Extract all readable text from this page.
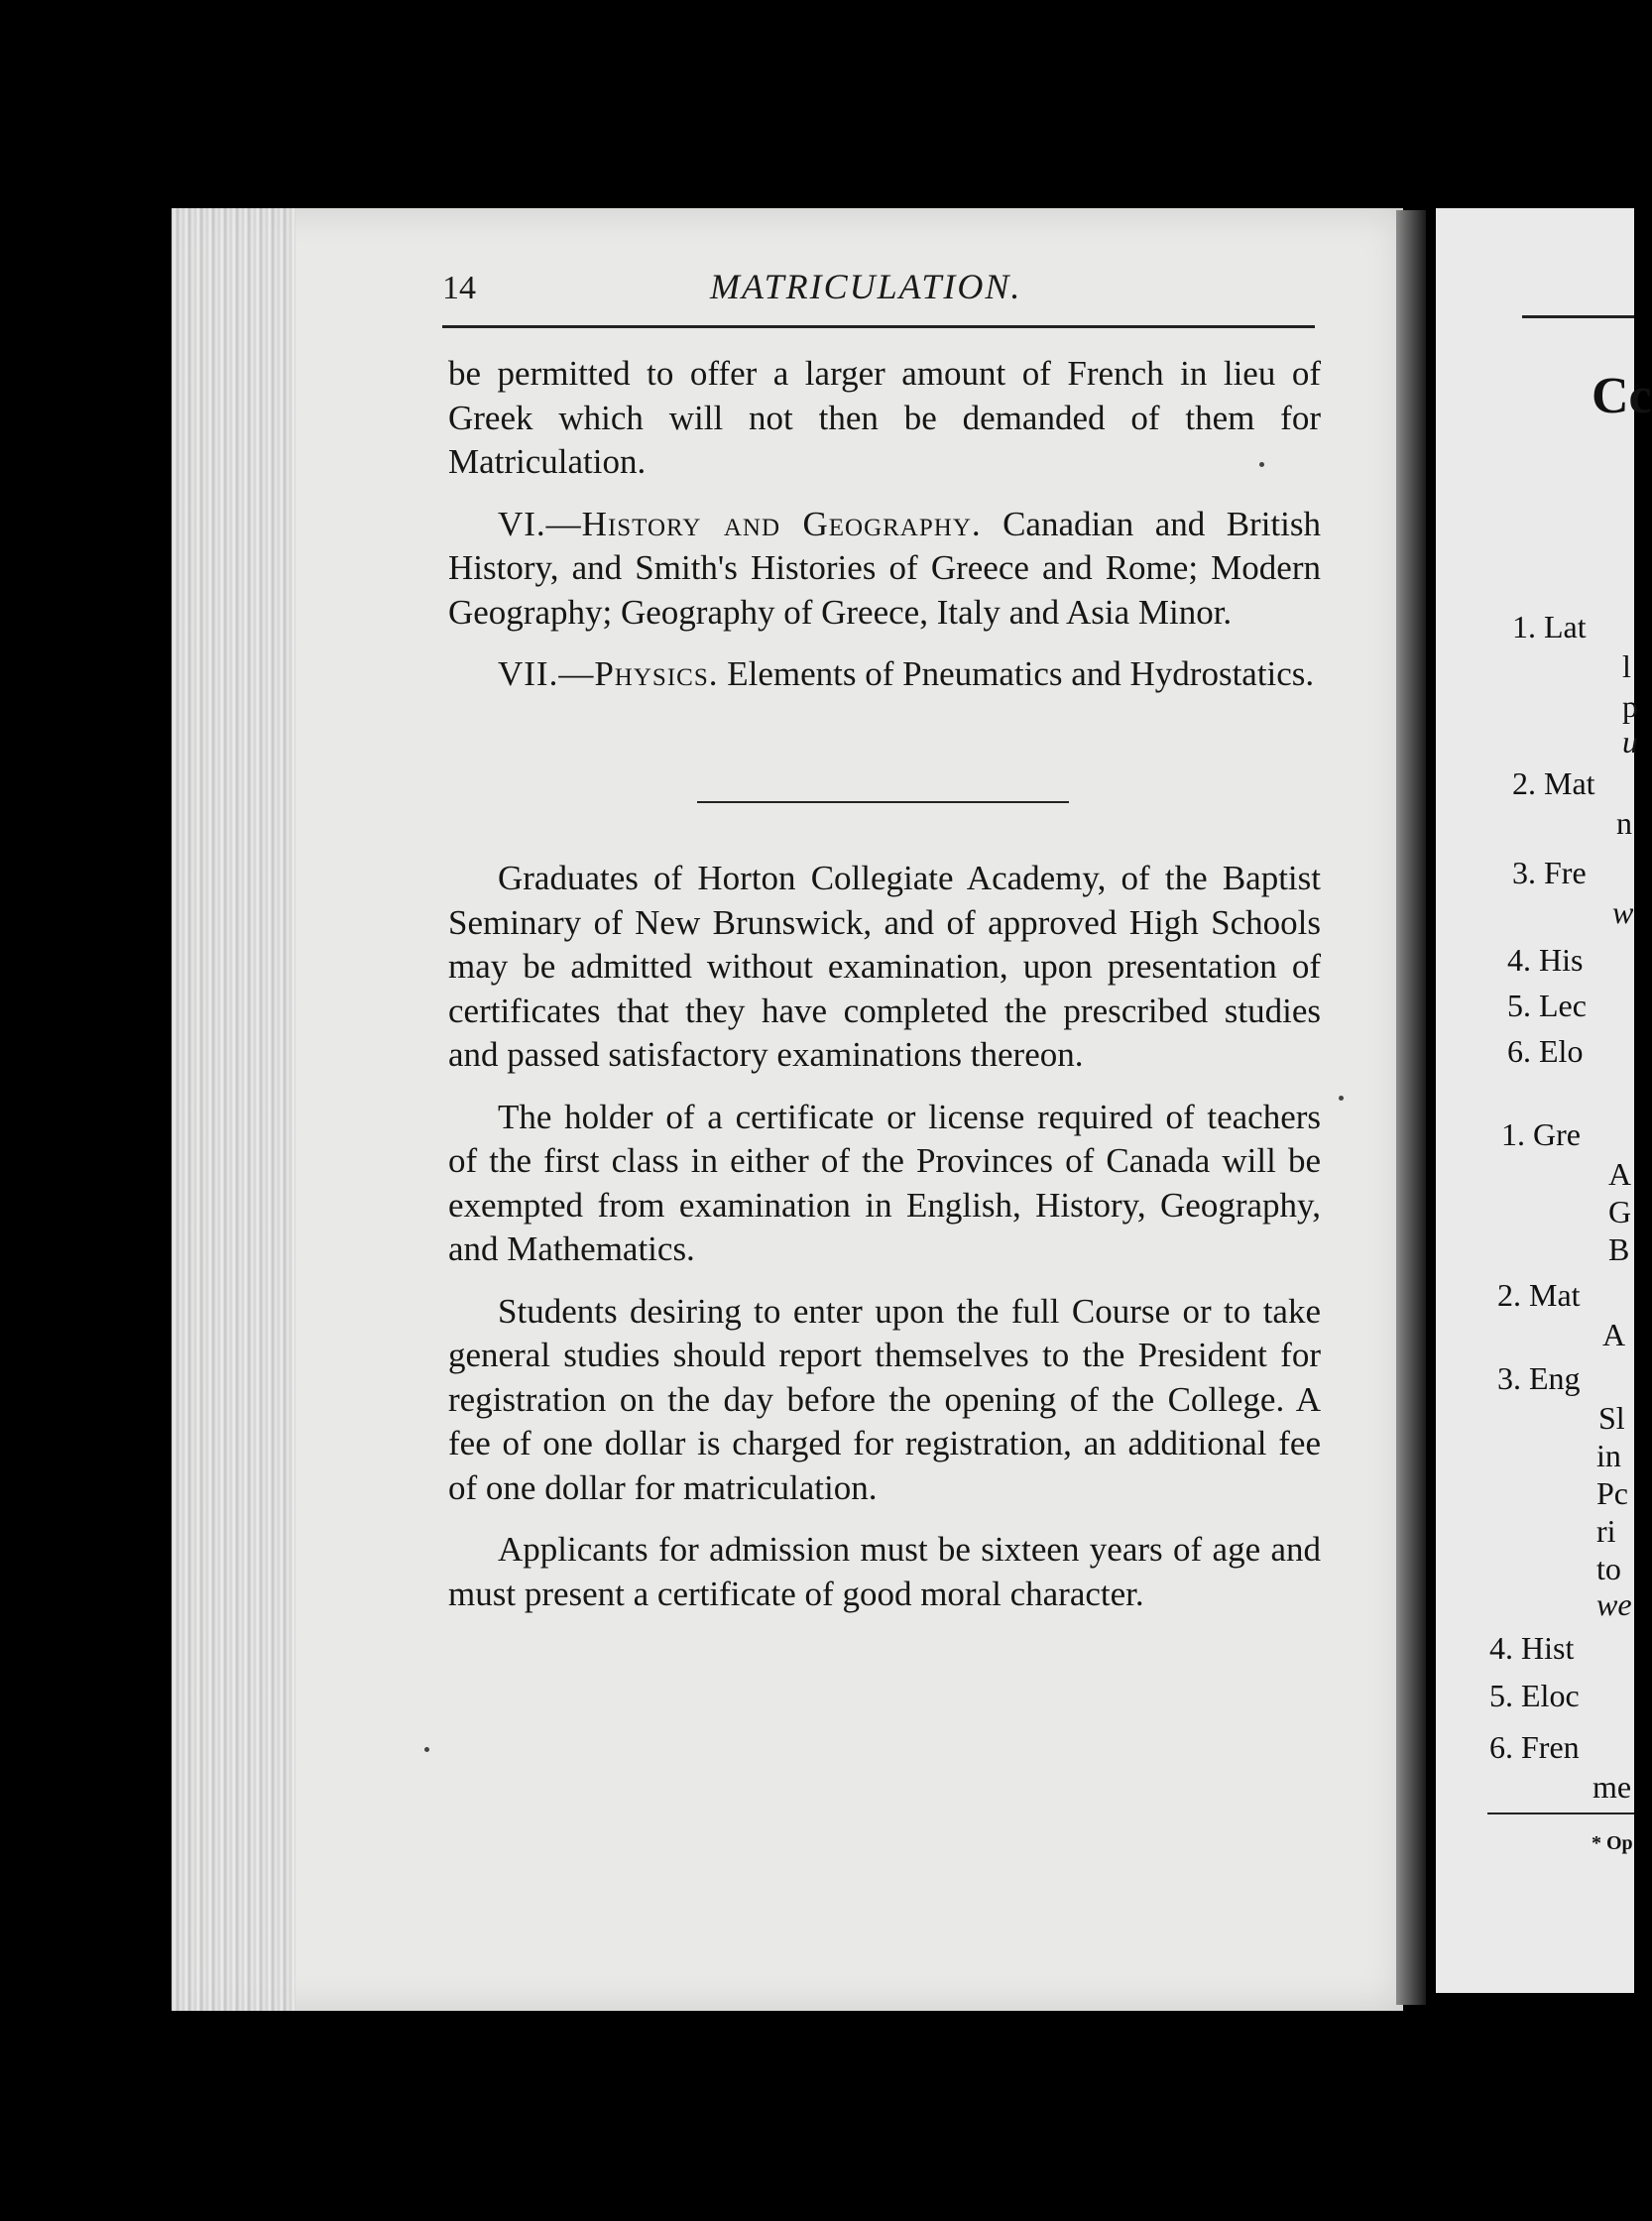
14	MATRICULATION.

be permitted to offer a larger amount of French in lieu of Greek which will not then be demanded of them for Matriculation.

VI.—History and Geography. Canadian and British History, and Smith's Histories of Greece and Rome; Modern Geography; Geography of Greece, Italy and Asia Minor.

VII.—Physics. Elements of Pneumatics and Hydrostatics.

Graduates of Horton Collegiate Academy, of the Baptist Seminary of New Brunswick, and of approved High Schools may be admitted without examination, upon presentation of certificates that they have completed the prescribed studies and passed satisfactory examinations thereon.

The holder of a certificate or license required of teachers of the first class in either of the Provinces of Canada will be exempted from examination in English, History, Geography, and Mathematics.

Students desiring to enter upon the full Course or to take general studies should report themselves to the President for registration on the day before the opening of the College. A fee of one dollar is charged for registration, an additional fee of one dollar for matriculation.

Applicants for admission must be sixteen years of age and must present a certificate of good moral character.

Cc
1. Lat
l
p
u
2. Mat
n
3. Fre
w
4. His
5. Lec
6. Elo
1. Gre
A
G
B
2. Mat
A
3. Eng
Sl
in
Pc
ri
to
we
4. Hist
5. Eloc
6. Fren
me
* Op
